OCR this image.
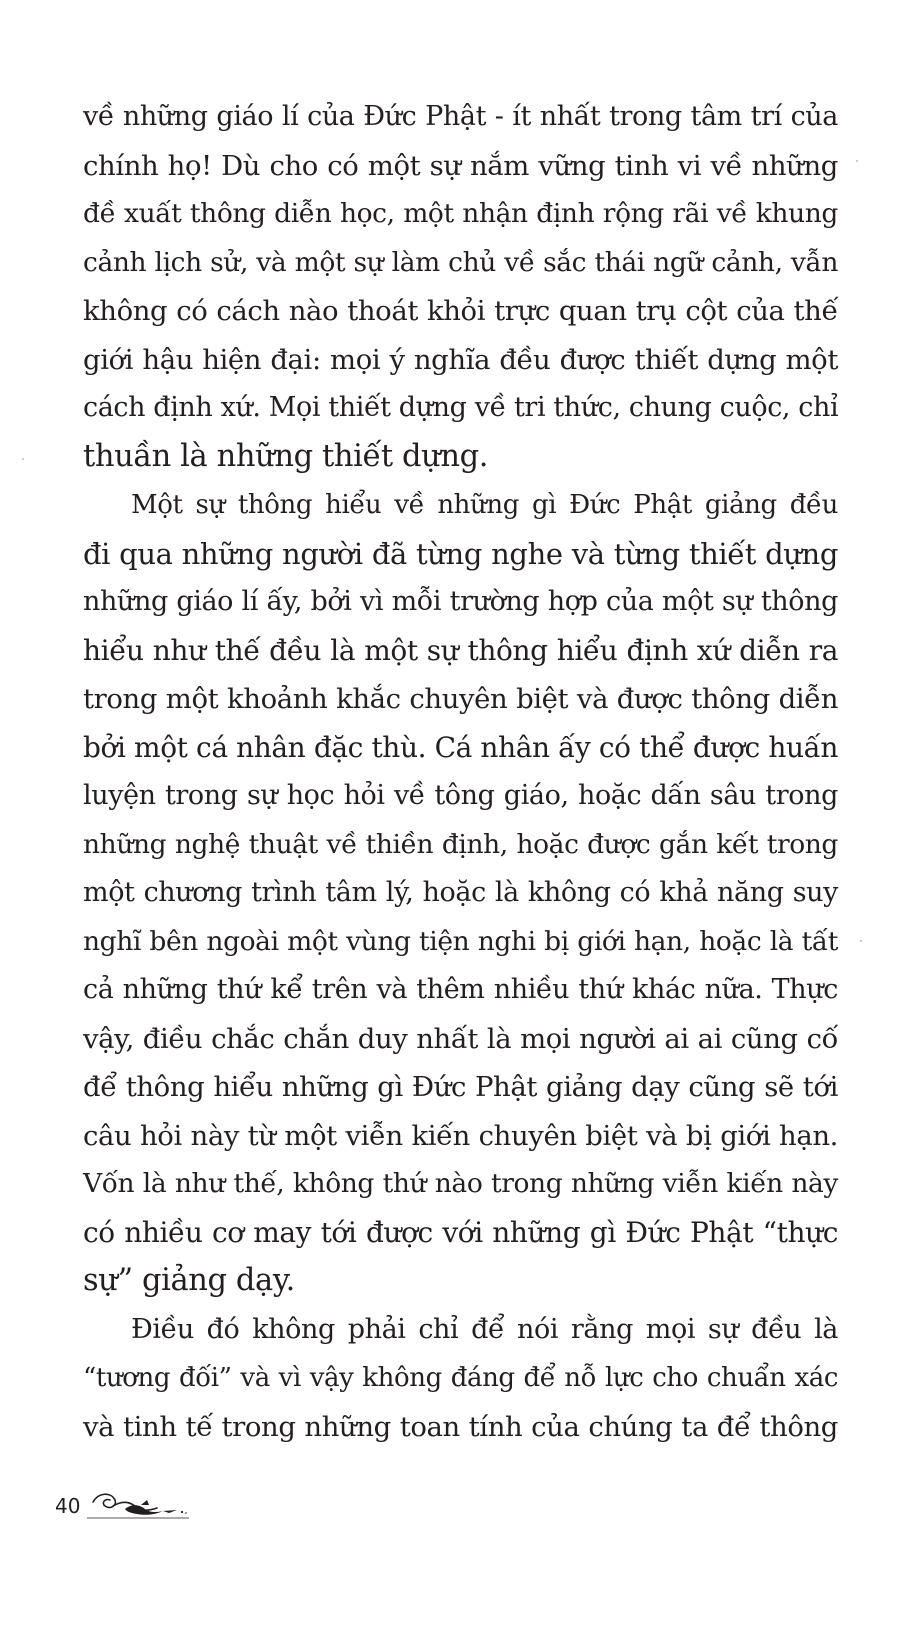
về những giáo lí của Đức Phật - ít nhất trong tâm trí của
chính họ! Dù cho có một sự nắm vững tinh vi về những
đề xuất thông diễn học, một nhận định rộng rãi về khung
cảnh lịch sử, và một sự làm chủ về sắc thái ngữ cảnh, vẫn
không có cách nào thoát khỏi trực quan trụ cột của thế
giới hậu hiện đại: mọi ý nghĩa đều được thiết dựng một
cách định xứ. Mọi thiết dựng về tri thức, chung cuộc, chỉ
thuần là những thiết dựng.
Một sự thông hiểu về những gì Đức Phật giảng đều
đi qua những người đã từng nghe và từng thiết dựng
những giáo lí ấy, bởi vì mỗi trường hợp của một sự thông
hiểu như thế đều là một sự thông hiểu định xứ diễn ra
trong một khoảnh khắc chuyên biệt và được thông diễn
bởi một cá nhân đặc thù. Cá nhân ấy có thể được huấn
luyện trong sự học hỏi về tông giáo, hoặc dấn sâu trong
những nghệ thuật về thiền định, hoặc được gắn kết trong
một chương trình tâm lý, hoặc là không có khả năng suy
nghĩ bên ngoài một vùng tiện nghi bị giới hạn, hoặc là tất
cả những thứ kể trên và thêm nhiều thứ khác nữa. Thực
vậy, điều chắc chắn duy nhất là mọi người ai ai cũng cố
để thông hiểu những gì Đức Phật giảng dạy cũng sẽ tới
câu hỏi này từ một viễn kiến chuyên biệt và bị giới hạn.
Vốn là như thế, không thứ nào trong những viễn kiến này
có nhiều cơ may tới được với những gì Đức Phật “thực
sự” giảng dạy.
Điều đó không phải chỉ để nói rằng mọi sự đều là
“tương đối” và vì vậy không đáng để nỗ lực cho chuẩn xác
và tinh tế trong những toan tính của chúng ta để thông
40
